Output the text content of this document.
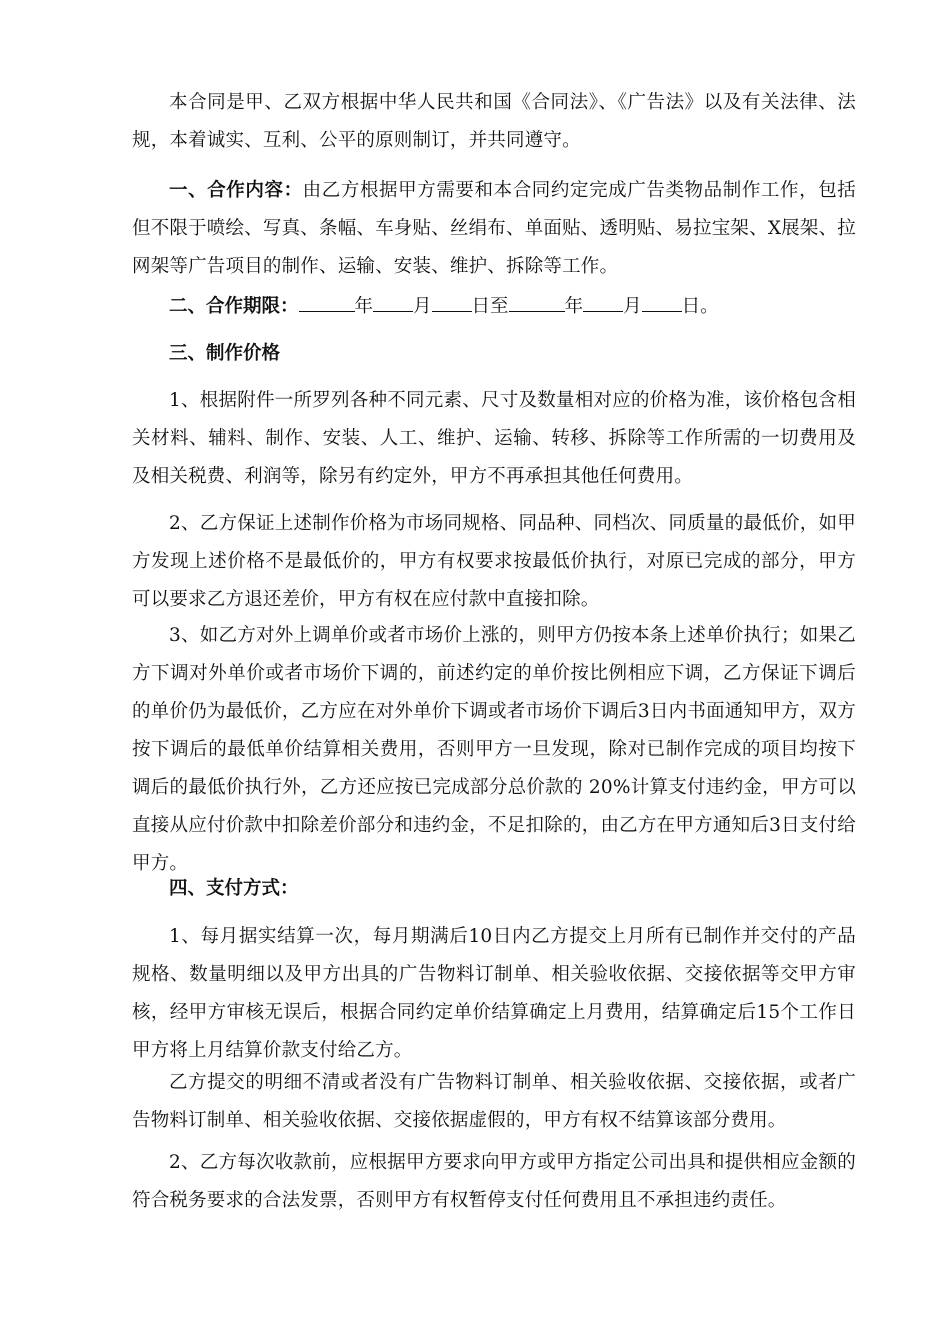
本合同是甲、乙双方根据中华人民共和国《合同法》、《广告法》以及有关法律、法规，本着诚实、互利、公平的原则制订，并共同遵守。

一、合作内容：由乙方根据甲方需要和本合同约定完成广告类物品制作工作，包括但不限于喷绘、写真、条幅、车身贴、丝绢布、单面贴、透明贴、易拉宝架、X展架、拉网架等广告项目的制作、运输、安装、维护、拆除等工作。

二、合作期限：	年 月 日至	年 月 日。

三、制作价格

1、根据附件一所罗列各种不同元素、尺寸及数量相对应的价格为准，该价格包含相关材料、辅料、制作、安装、人工、维护、运输、转移、拆除等工作所需的一切费用及及相关税费、利润等，除另有约定外，甲方不再承担其他任何费用。

2、乙方保证上述制作价格为市场同规格、同品种、同档次、同质量的最低价，如甲方发现上述价格不是最低价的，甲方有权要求按最低价执行，对原已完成的部分，甲方可以要求乙方退还差价，甲方有权在应付款中直接扣除。

3、如乙方对外上调单价或者市场价上涨的，则甲方仍按本条上述单价执行；如果乙方下调对外单价或者市场价下调的，前述约定的单价按比例相应下调，乙方保证下调后的单价仍为最低价，乙方应在对外单价下调或者市场价下调后3日内书面通知甲方，双方按下调后的最低单价结算相关费用，否则甲方一旦发现，除对已制作完成的项目均按下调后的最低价执行外，乙方还应按已完成部分总价款的 20%计算支付违约金，甲方可以直接从应付价款中扣除差价部分和违约金，不足扣除的，由乙方在甲方通知后3日支付给甲方。

四、支付方式：

1、每月据实结算一次，每月期满后10日内乙方提交上月所有已制作并交付的产品规格、数量明细以及甲方出具的广告物料订制单、相关验收依据、交接依据等交甲方审核，经甲方审核无误后，根据合同约定单价结算确定上月费用，结算确定后15个工作日甲方将上月结算价款支付给乙方。

乙方提交的明细不清或者没有广告物料订制单、相关验收依据、交接依据，或者广告物料订制单、相关验收依据、交接依据虚假的，甲方有权不结算该部分费用。

2、乙方每次收款前，应根据甲方要求向甲方或甲方指定公司出具和提供相应金额的符合税务要求的合法发票，否则甲方有权暂停支付任何费用且不承担违约责任。
